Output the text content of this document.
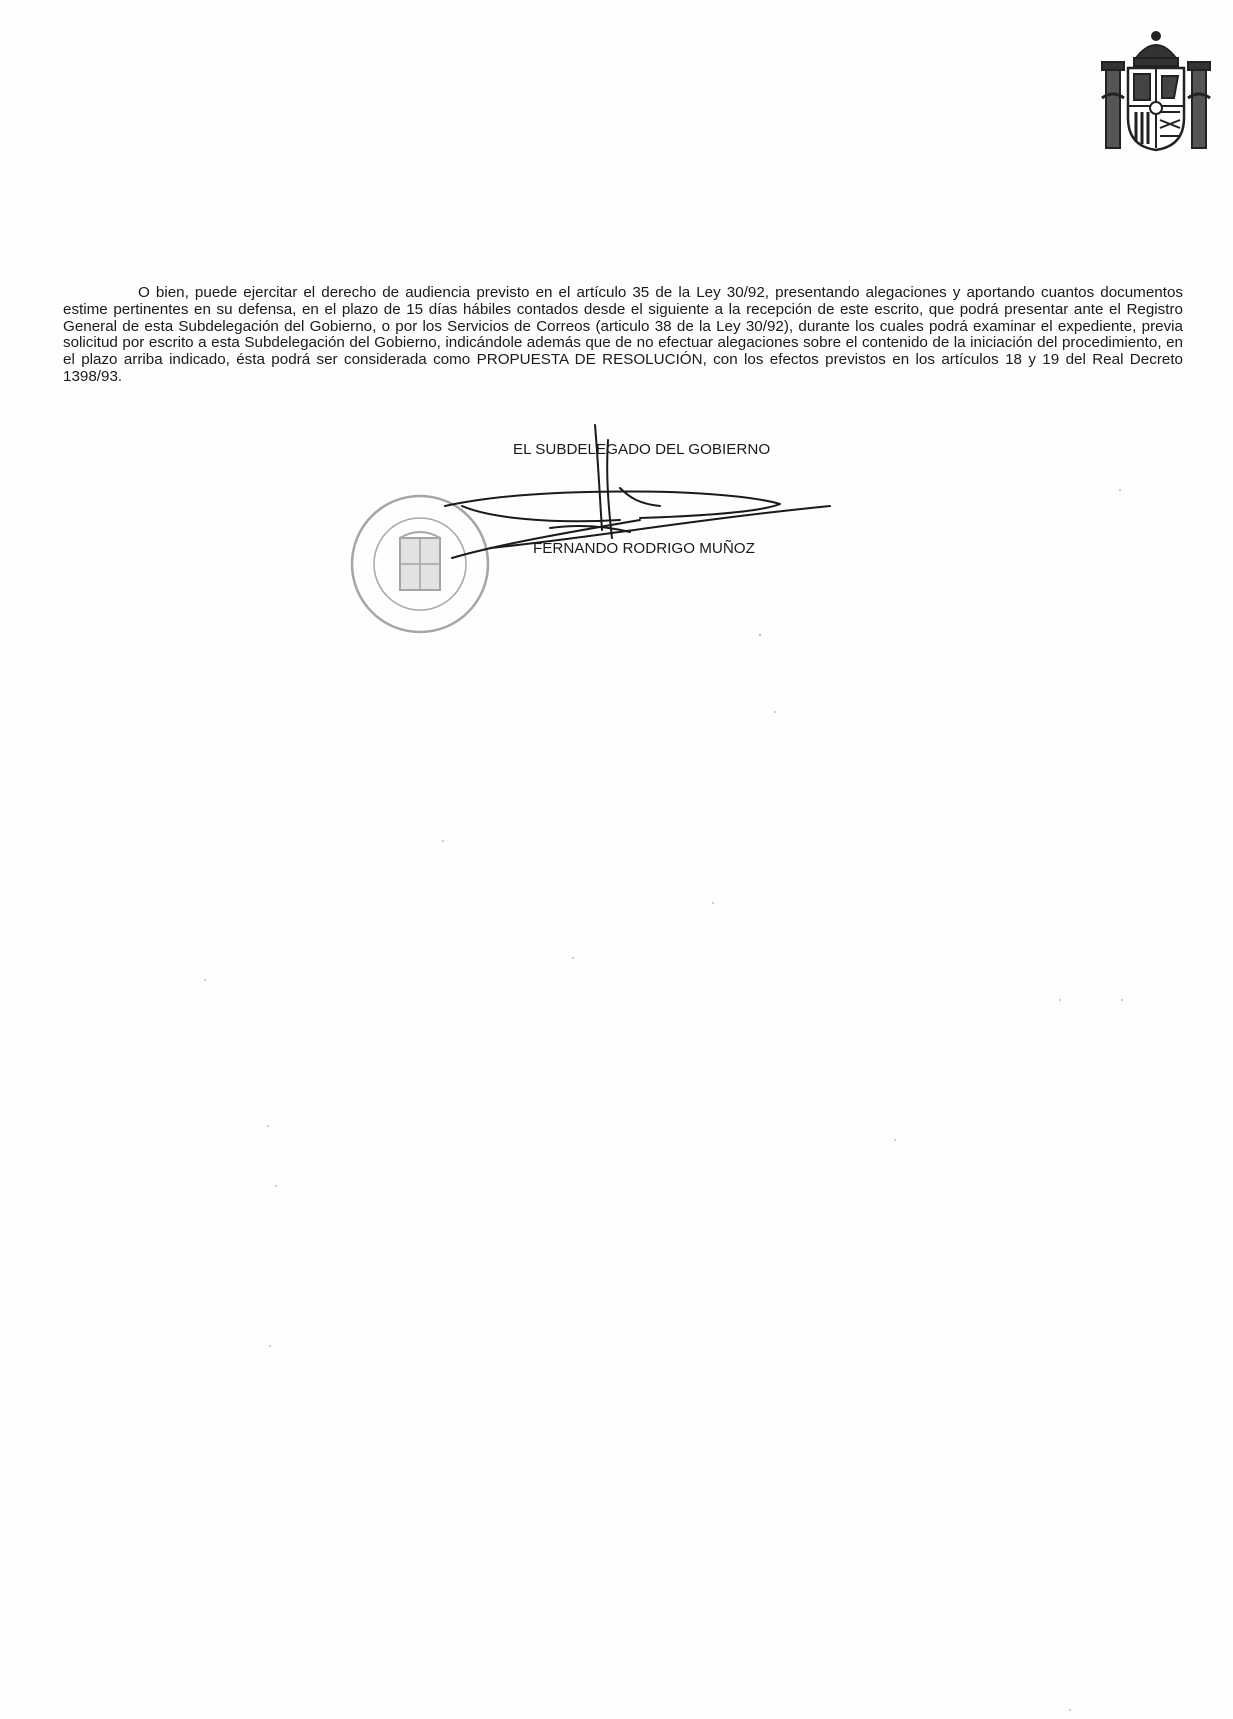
O bien, puede ejercitar el derecho de audiencia previsto en el artículo 35 de la Ley 30/92, presentando alegaciones y aportando cuantos documentos estime pertinentes en su defensa, en el plazo de 15 días hábiles contados desde el siguiente a la recepción de este escrito, que podrá presentar ante el Registro General de esta Subdelegación del Gobierno, o por los Servicios de Correos (articulo 38 de la Ley 30/92), durante los cuales podrá examinar el expediente, previa solicitud por escrito a esta Subdelegación del Gobierno, indicándole además que de no efectuar alegaciones sobre el contenido de la iniciación del procedimiento, en el plazo arriba indicado, ésta podrá ser considerada como PROPUESTA DE RESOLUCIÓN, con los efectos previstos en los artículos 18 y 19 del Real Decreto 1398/93.

EL SUBDELEGADO DEL GOBIERNO

FERNANDO RODRIGO MUÑOZ
